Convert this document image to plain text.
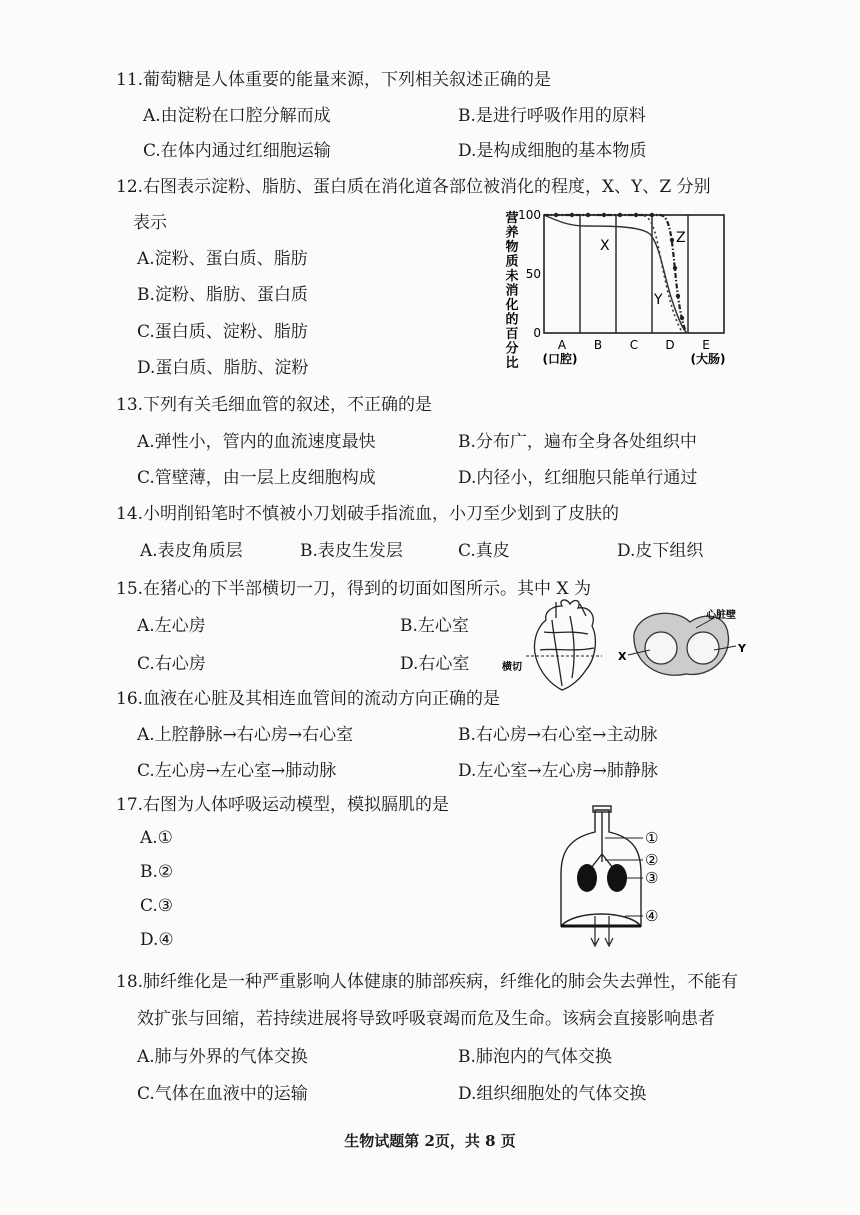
11.葡萄糖是人体重要的能量来源，下列相关叙述正确的是
A.由淀粉在口腔分解而成	B.是进行呼吸作用的原料
C.在体内通过红细胞运输	D.是构成细胞的基本物质
12.右图表示淀粉、脂肪、蛋白质在消化道各部位被消化的程度，X、Y、Z 分别
表示
A.淀粉、蛋白质、脂肪
B.淀粉、脂肪、蛋白质
C.蛋白质、淀粉、脂肪
D.蛋白质、脂肪、淀粉
营养物质未消化的百分比
100
50
0
A B C D E
(口腔)	(大肠)
X
Y
Z
13.下列有关毛细血管的叙述，不正确的是
A.弹性小，管内的血流速度最快	B.分布广，遍布全身各处组织中
C.管壁薄，由一层上皮细胞构成	D.内径小，红细胞只能单行通过
14.小明削铅笔时不慎被小刀划破手指流血，小刀至少划到了皮肤的
A.表皮角质层	B.表皮生发层	C.真皮	D.皮下组织
15.在猪心的下半部横切一刀，得到的切面如图所示。其中 X 为
A.左心房	B.左心室
C.右心房	D.右心室	横切
X
Y
心脏壁
16.血液在心脏及其相连血管间的流动方向正确的是
A.上腔静脉→右心房→右心室	B.右心房→右心室→主动脉
C.左心房→左心室→肺动脉	D.左心室→左心房→肺静脉
17.右图为人体呼吸运动模型，模拟膈肌的是
A.①
B.②
C.③
D.④
①
②
③
④
18.肺纤维化是一种严重影响人体健康的肺部疾病，纤维化的肺会失去弹性，不能有
效扩张与回缩，若持续进展将导致呼吸衰竭而危及生命。该病会直接影响患者
A.肺与外界的气体交换	B.肺泡内的气体交换
C.气体在血液中的运输	D.组织细胞处的气体交换
生物试题第 2页，共 8 页
